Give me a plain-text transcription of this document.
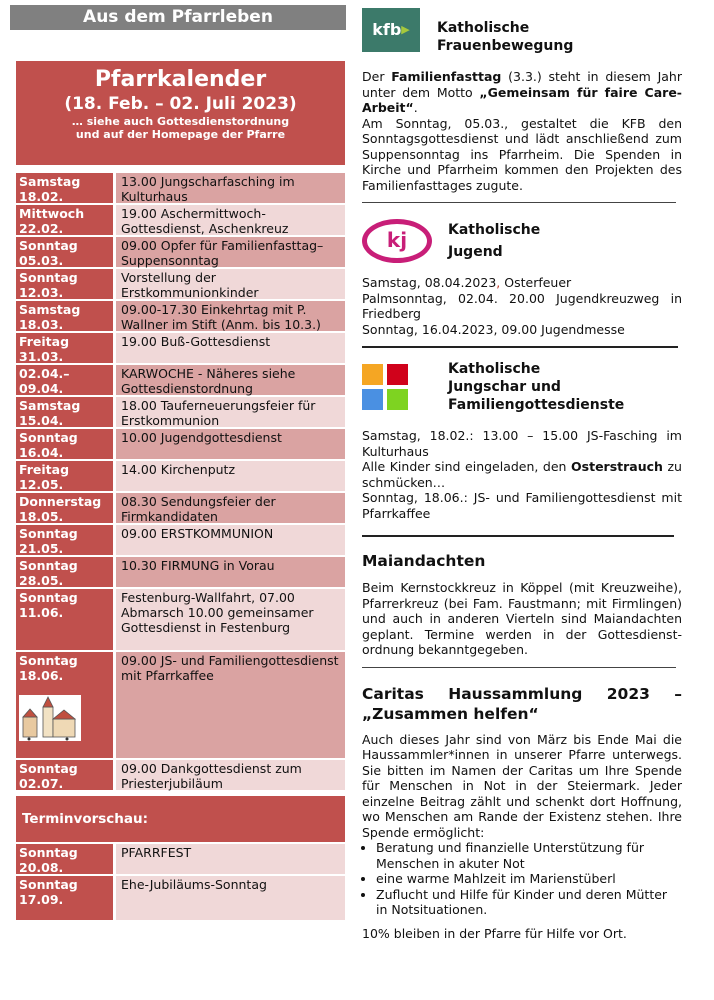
Aus dem Pfarrleben
Pfarrkalender
(18. Feb. – 02. Juli 2023)
… siehe auch Gottesdienstordnung
und auf der Homepage der Pfarre
Samstag
18.02.
13.00 Jungscharfasching im Kulturhaus
Mittwoch
22.02.
19.00 Aschermittwoch-Gottesdienst, Aschenkreuz
Sonntag
05.03.
09.00 Opfer für Familienfasttag–Suppensonntag
Sonntag
12.03.
Vorstellung der Erstkommunionkinder
Samstag
18.03.
09.00-17.30 Einkehrtag mit P. Wallner im Stift (Anm. bis 10.3.)
Freitag
31.03.
19.00 Buß-Gottesdienst
02.04.–
09.04.
KARWOCHE - Näheres siehe Gottesdienstordnung
Samstag
15.04.
18.00 Tauferneuerungsfeier für Erstkommunion
Sonntag
16.04.
10.00 Jugendgottesdienst
Freitag
12.05.
14.00 Kirchenputz
Donnerstag
18.05.
08.30 Sendungsfeier der Firmkandidaten
Sonntag
21.05.
09.00 ERSTKOMMUNION
Sonntag
28.05.
10.30 FIRMUNG in Vorau
Sonntag
11.06.
Festenburg-Wallfahrt, 07.00 Abmarsch 10.00 gemeinsamer Gottesdienst in Festenburg
Sonntag
18.06.
09.00 JS- und Familiengottesdienst mit Pfarrkaffee
Sonntag
02.07.
09.00 Dankgottesdienst zum Priesterjubiläum
Terminvorschau:
Sonntag
20.08.
PFARRFEST
Sonntag
17.09.
Ehe-Jubiläums-Sonntag
kfb ▶ Katholische
Frauenbewegung
Der Familienfasttag (3.3.) steht in diesem Jahr unter dem Motto „Gemeinsam für faire Care-Arbeit“.
Am Sonntag, 05.03., gestaltet die KFB den Sonntagsgottesdienst und lädt anschließend zum Suppensonntag ins Pfarrheim. Die Spenden in Kirche und Pfarrheim kommen den Projekten des Familienfasttages zugute.
kj	Katholische
Jugend
Samstag, 08.04.2023, Osterfeuer
Palmsonntag, 02.04. 20.00 Jugendkreuzweg in Friedberg
Sonntag, 16.04.2023, 09.00 Jugendmesse
Katholische
Jungschar und
Familiengottesdienste
Samstag, 18.02.: 13.00 – 15.00 JS-Fasching im Kulturhaus
Alle Kinder sind eingeladen, den Osterstrauch zu schmücken…
Sonntag, 18.06.: JS- und Familiengottesdienst mit Pfarrkaffee
Maiandachten
Beim Kernstockkreuz in Köppel (mit Kreuzweihe), Pfarrerkreuz (bei Fam. Faustmann; mit Firmlingen) und auch in anderen Vierteln sind Maiandachten geplant. Termine werden in der Gottesdienst-ordnung bekanntgegeben.
Caritas Haussammlung 2023 –
„Zusammen helfen“
Auch dieses Jahr sind von März bis Ende Mai die Haussammler*innen in unserer Pfarre unterwegs. Sie bitten im Namen der Caritas um Ihre Spende für Menschen in Not in der Steiermark. Jeder einzelne Beitrag zählt und schenkt dort Hoffnung, wo Menschen am Rande der Existenz stehen. Ihre Spende ermöglicht:
• Beratung und finanzielle Unterstützung für Menschen in akuter Not
• eine warme Mahlzeit im Marienstüberl
• Zuflucht und Hilfe für Kinder und deren Mütter in Notsituationen.
10% bleiben in der Pfarre für Hilfe vor Ort.
